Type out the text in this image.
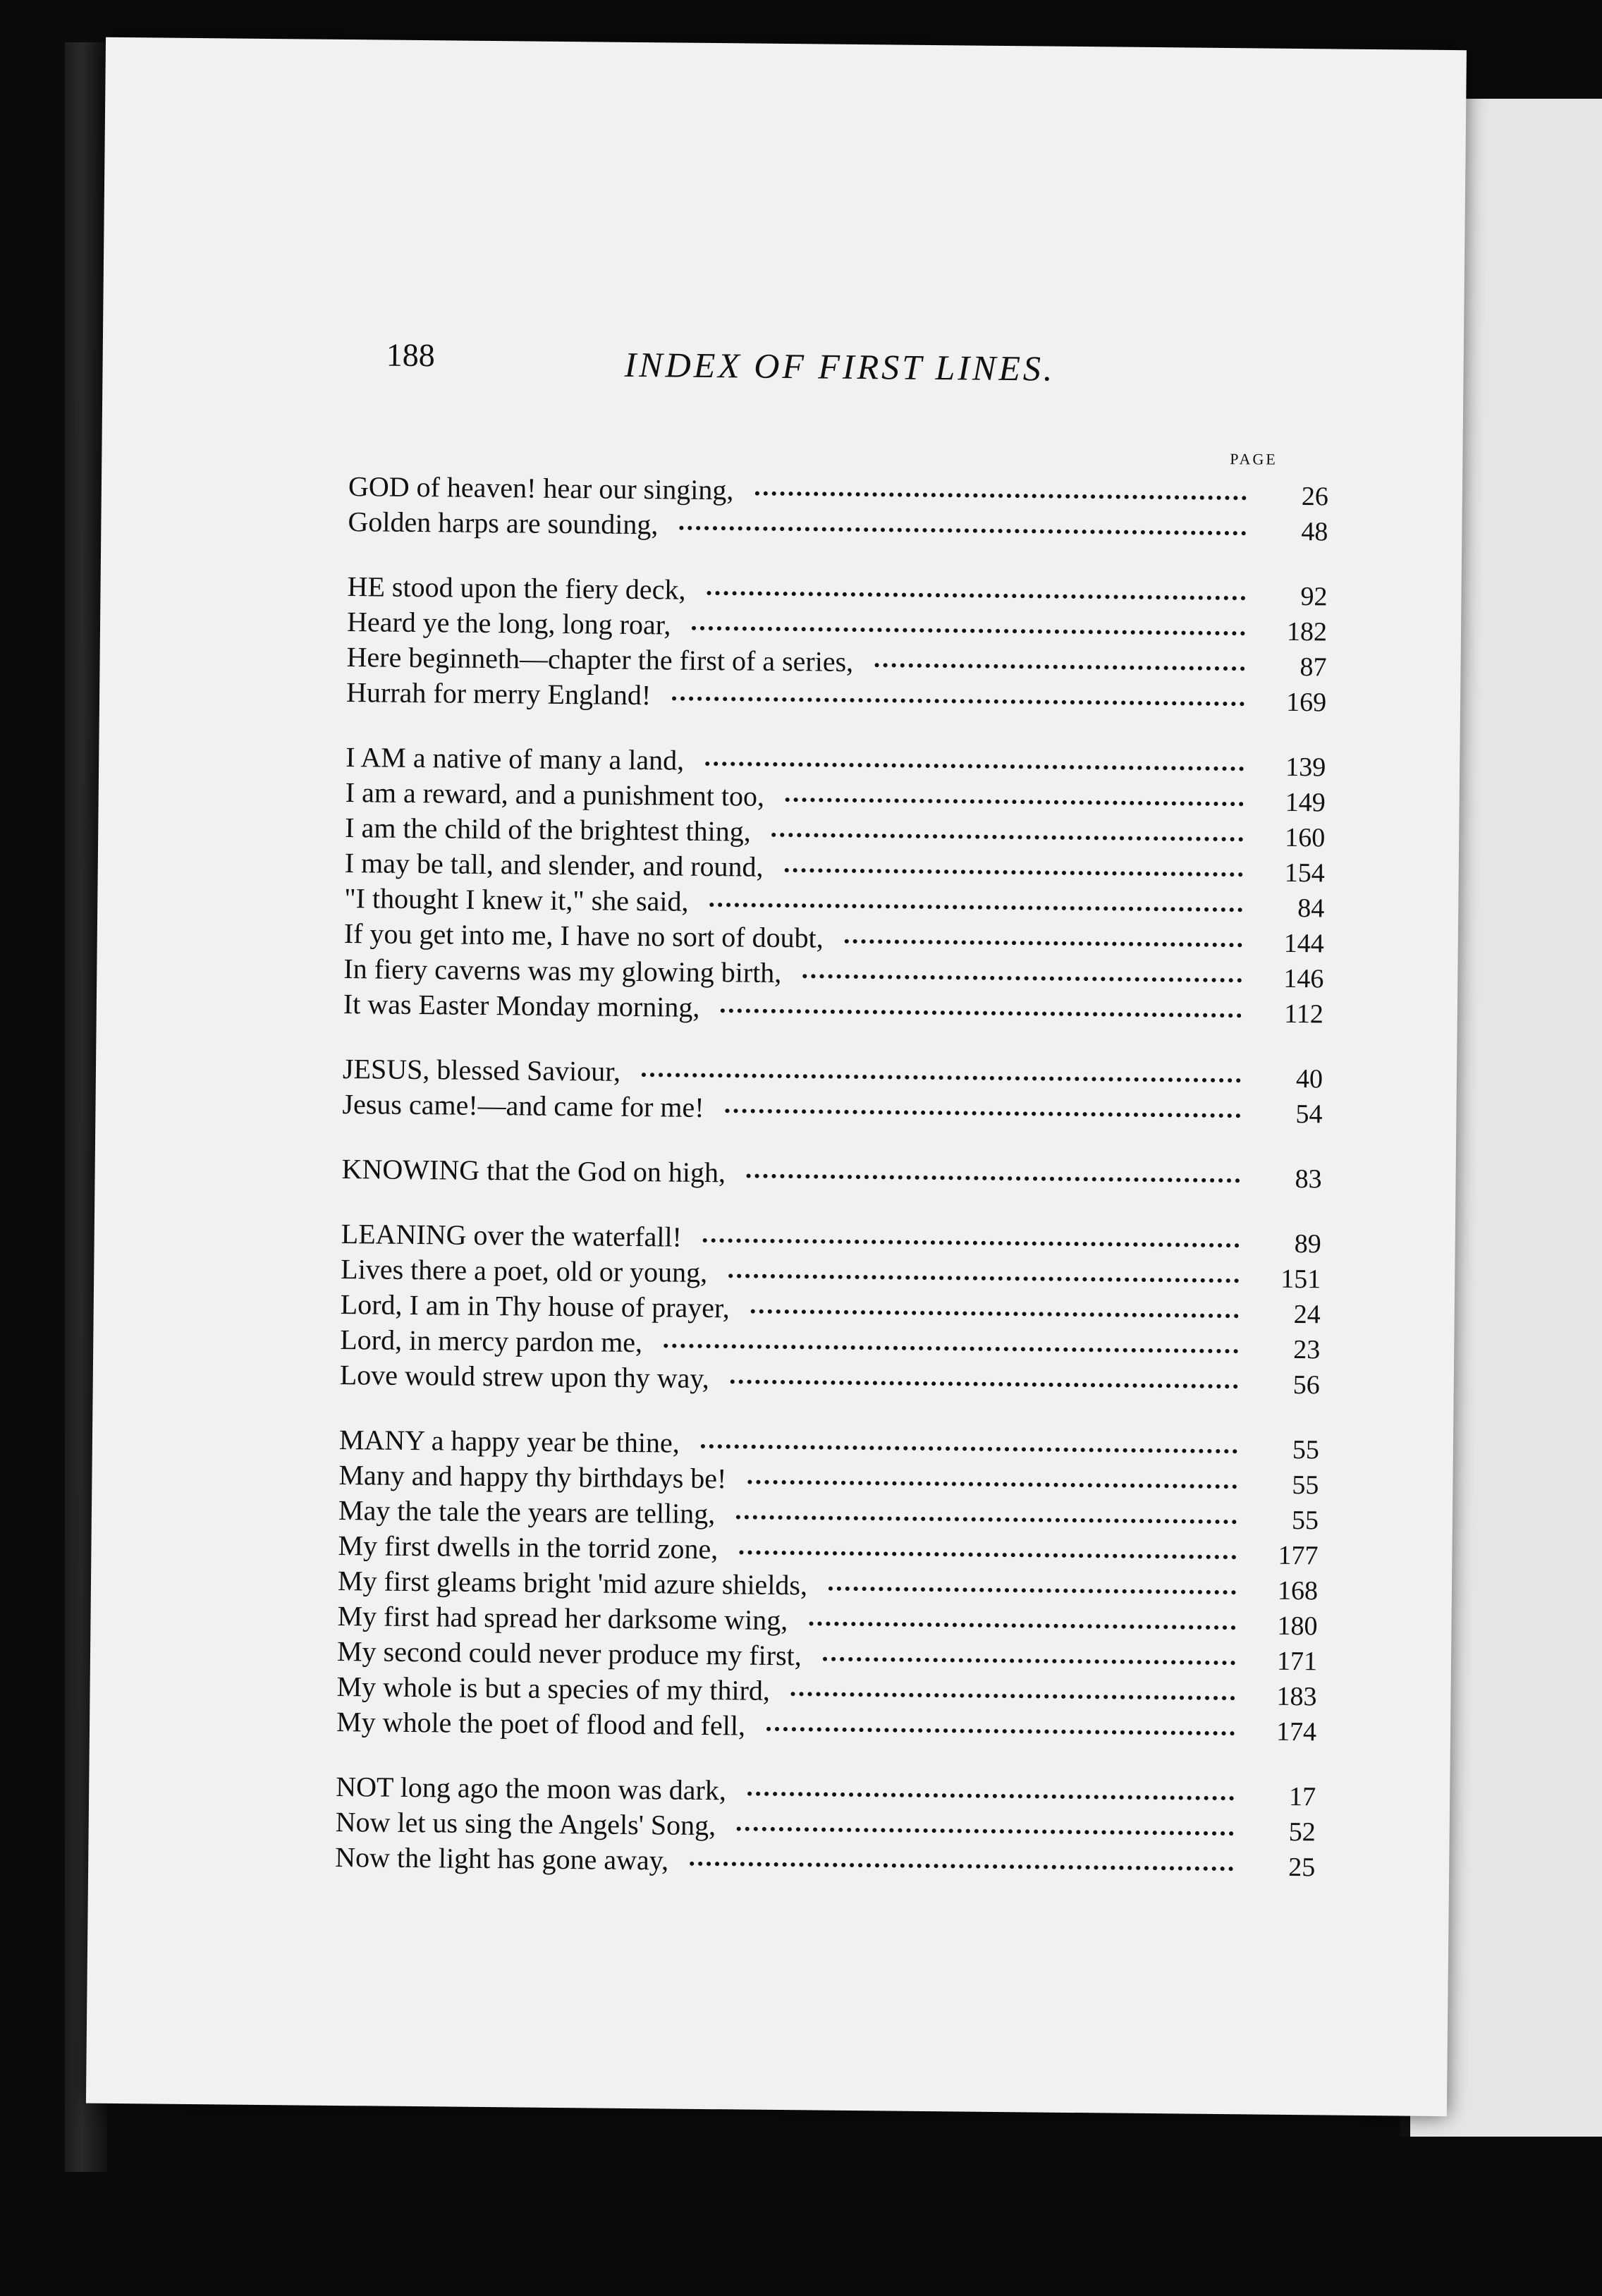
188	INDEX OF FIRST LINES.
PAGE
GOD of heaven! hear our singing,	26
Golden harps are sounding,	48
HE stood upon the fiery deck,	92
Heard ye the long, long roar,	182
Here beginneth—chapter the first of a series,	87
Hurrah for merry England!	169
I AM a native of many a land,	139
I am a reward, and a punishment too,	149
I am the child of the brightest thing,	160
I may be tall, and slender, and round,	154
"I thought I knew it," she said,	84
If you get into me, I have no sort of doubt,	144
In fiery caverns was my glowing birth,	146
It was Easter Monday morning,	112
JESUS, blessed Saviour,	40
Jesus came!—and came for me!	54
KNOWING that the God on high,	83
LEANING over the waterfall!	89
Lives there a poet, old or young,	151
Lord, I am in Thy house of prayer,	24
Lord, in mercy pardon me,	23
Love would strew upon thy way,	56
MANY a happy year be thine,	55
Many and happy thy birthdays be!	55
May the tale the years are telling,	55
My first dwells in the torrid zone,	177
My first gleams bright 'mid azure shields,	168
My first had spread her darksome wing,	180
My second could never produce my first,	171
My whole is but a species of my third,	183
My whole the poet of flood and fell,	174
NOT long ago the moon was dark,	17
Now let us sing the Angels' Song,	52
Now the light has gone away,	25
